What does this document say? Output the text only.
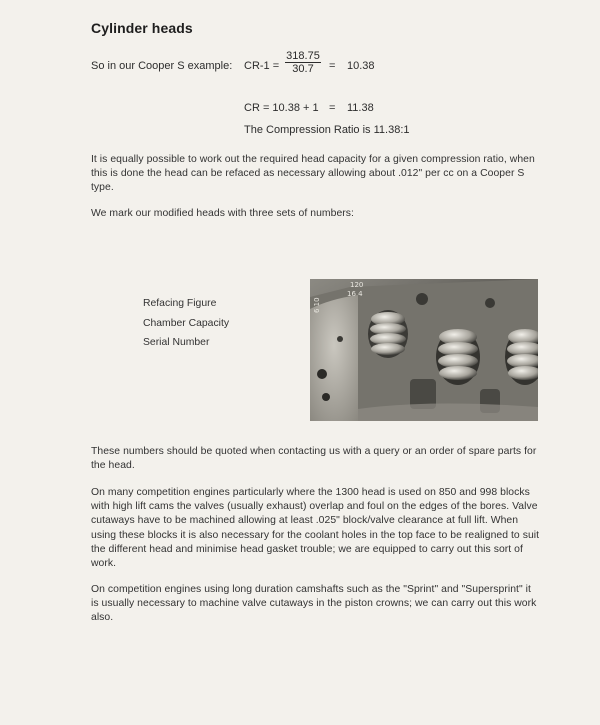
Cylinder heads
So in our Cooper S example: $CR-1 = \frac{318.75}{30.7} = 10.38$
CR = 10.38 + 1 = 11.38
The Compression Ratio is 11.38:1
It is equally possible to work out the required head capacity for a given compression ratio, when this is done the head can be refaced as necessary allowing about .012" per cc on a Cooper S type.
We mark our modified heads with three sets of numbers:
Refacing Figure
Chamber Capacity
Serial Number
120
16 4
6 10
These numbers should be quoted when contacting us with a query or an order of spare parts for the head.
On many competition engines particularly where the 1300 head is used on 850 and 998 blocks with high lift cams the valves (usually exhaust) overlap and foul on the edges of the bores. Valve cutaways have to be machined allowing at least .025" block/valve clearance at full lift. When using these blocks it is also necessary for the coolant holes in the top face to be realigned to suit the different head and minimise head gasket trouble; we are equipped to carry out this sort of work.
On competition engines using long duration camshafts such as the "Sprint" and "Supersprint" it is usually necessary to machine valve cutaways in the piston crowns; we can carry out this work also.
